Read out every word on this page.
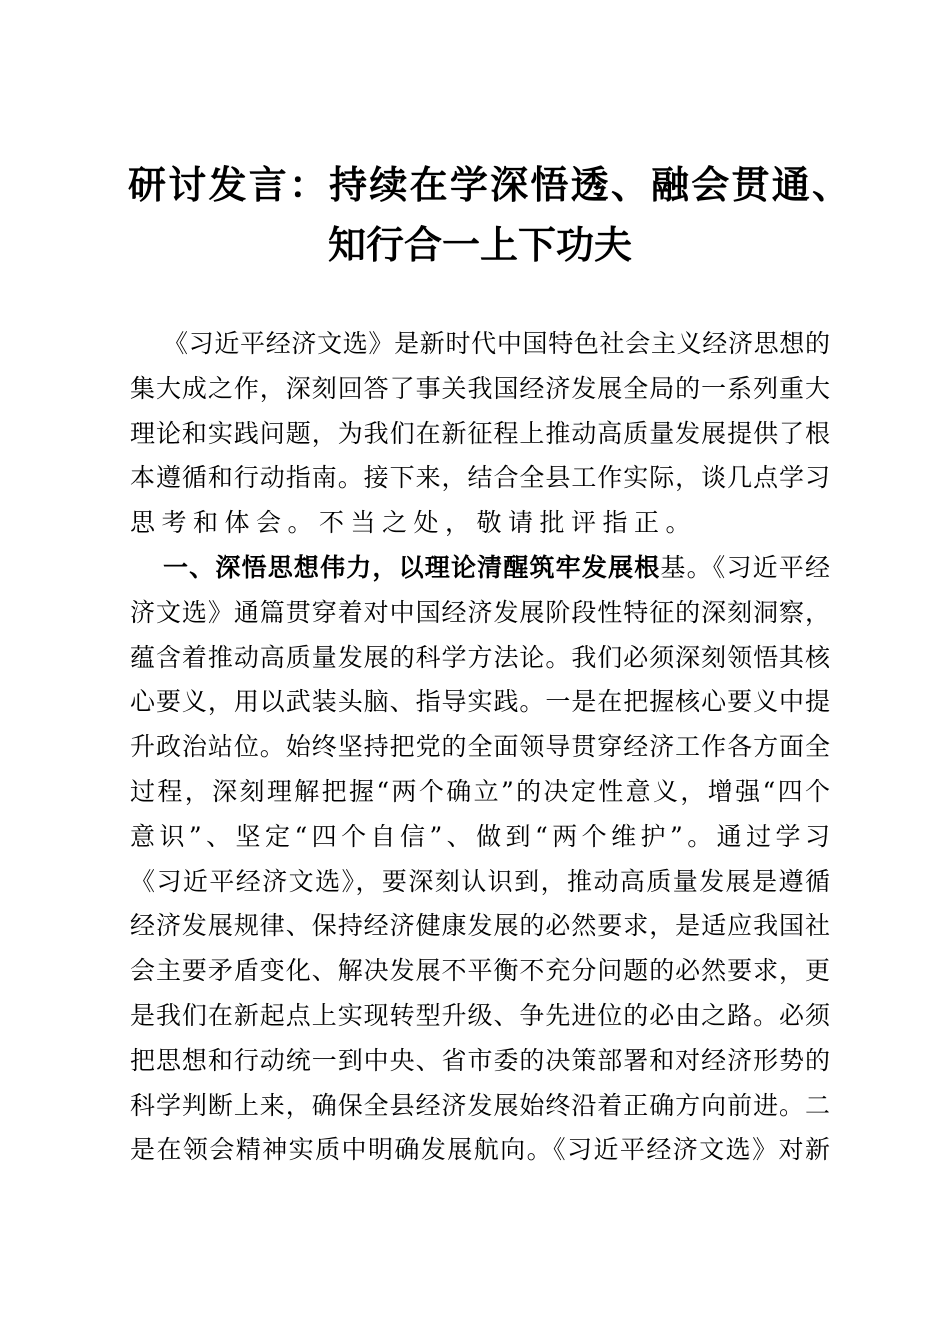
研讨发言：持续在学深悟透、融会贯通、
知行合一上下功夫
《习近平经济文选》是新时代中国特色社会主义经济思想的
集大成之作，深刻回答了事关我国经济发展全局的一系列重大
理论和实践问题，为我们在新征程上推动高质量发展提供了根
本遵循和行动指南。接下来，结合全县工作实际，谈几点学习
思考和体会。不当之处，敬请批评指正。
一、深悟思想伟力，以理论清醒筑牢发展根基。《习近平经
济文选》通篇贯穿着对中国经济发展阶段性特征的深刻洞察，
蕴含着推动高质量发展的科学方法论。我们必须深刻领悟其核
心要义，用以武装头脑、指导实践。一是在把握核心要义中提
升政治站位。始终坚持把党的全面领导贯穿经济工作各方面全
过程，深刻理解把握“两个确立”的决定性意义，增强“四个
意识”、坚定“四个自信”、做到“两个维护”。通过学习
《习近平经济文选》，要深刻认识到，推动高质量发展是遵循
经济发展规律、保持经济健康发展的必然要求，是适应我国社
会主要矛盾变化、解决发展不平衡不充分问题的必然要求，更
是我们在新起点上实现转型升级、争先进位的必由之路。必须
把思想和行动统一到中央、省市委的决策部署和对经济形势的
科学判断上来，确保全县经济发展始终沿着正确方向前进。二
是在领会精神实质中明确发展航向。《习近平经济文选》对新
